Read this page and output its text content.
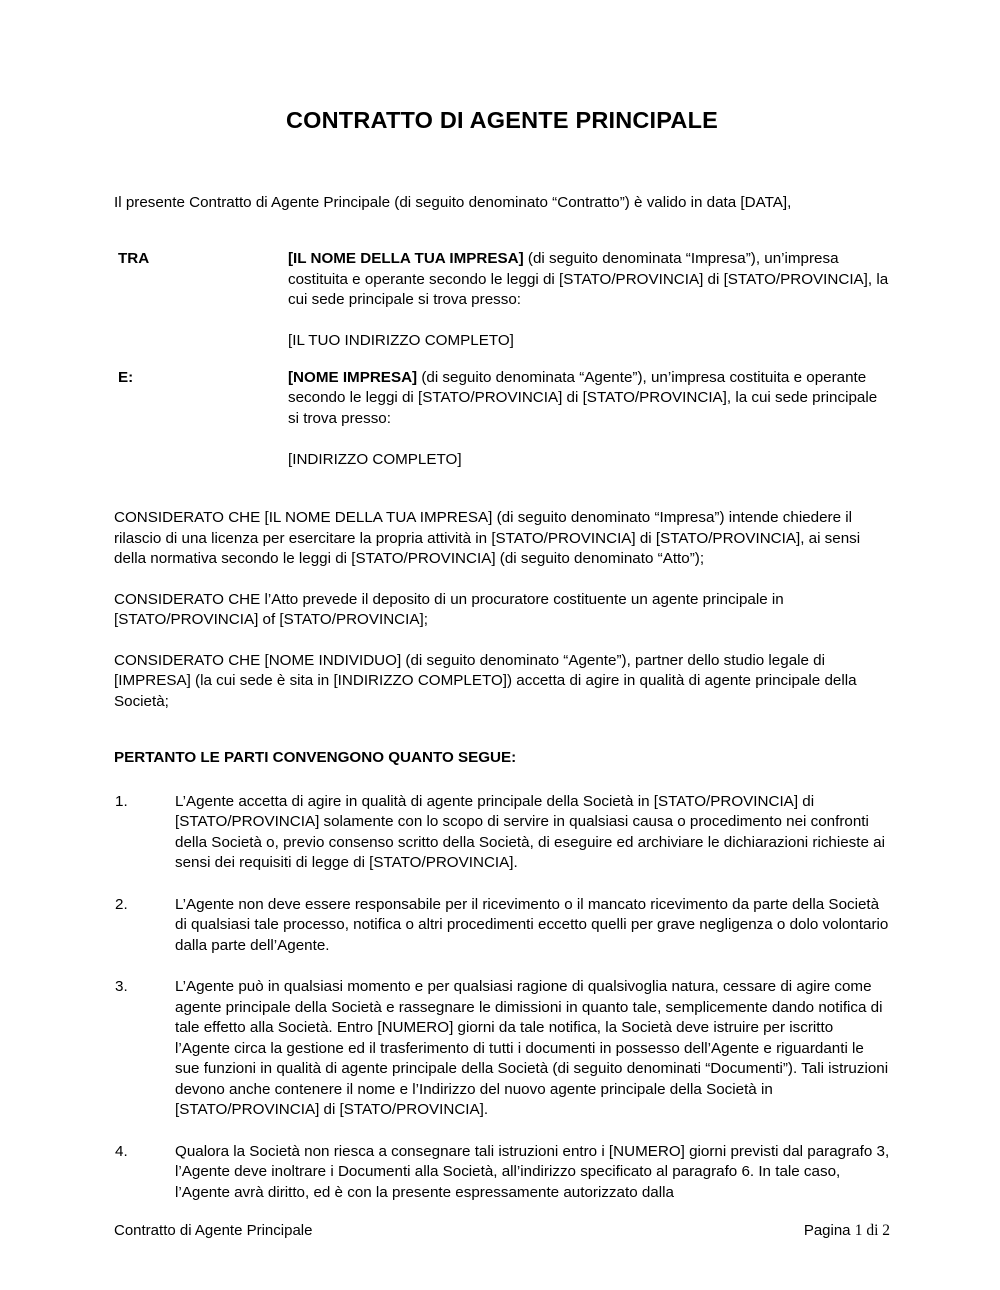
CONTRATTO DI AGENTE PRINCIPALE

Il presente Contratto di Agente Principale (di seguito denominato “Contratto”) è valido in data [DATA],

TRA	[IL NOME DELLA TUA IMPRESA] (di seguito denominata “Impresa”), un’impresa costituita e operante secondo le leggi di [STATO/PROVINCIA] di [STATO/PROVINCIA], la cui sede principale si trova presso:

[IL TUO INDIRIZZO COMPLETO]

E:	[NOME IMPRESA] (di seguito denominata “Agente”), un’impresa costituita e operante secondo le leggi di [STATO/PROVINCIA] di [STATO/PROVINCIA], la cui sede principale si trova presso:

[INDIRIZZO COMPLETO]

CONSIDERATO CHE [IL NOME DELLA TUA IMPRESA] (di seguito denominato “Impresa”) intende chiedere il rilascio di una licenza per esercitare la propria attività in [STATO/PROVINCIA] di [STATO/PROVINCIA], ai sensi della normativa secondo le leggi di [STATO/PROVINCIA] (di seguito denominato “Atto”);

CONSIDERATO CHE l’Atto prevede il deposito di un procuratore costituente un agente principale in [STATO/PROVINCIA] of [STATO/PROVINCIA];

CONSIDERATO CHE [NOME INDIVIDUO] (di seguito denominato “Agente”), partner dello studio legale di [IMPRESA] (la cui sede è sita in [INDIRIZZO COMPLETO]) accetta di agire in qualità di agente principale della Società;

PERTANTO LE PARTI CONVENGONO QUANTO SEGUE:

1.	L’Agente accetta di agire in qualità di agente principale della Società in [STATO/PROVINCIA] di [STATO/PROVINCIA] solamente con lo scopo di servire in qualsiasi causa o procedimento nei confronti della Società o, previo consenso scritto della Società, di eseguire ed archiviare le dichiarazioni richieste ai sensi dei requisiti di legge di [STATO/PROVINCIA].
2.	L’Agente non deve essere responsabile per il ricevimento o il mancato ricevimento da parte della Società di qualsiasi tale processo, notifica o altri procedimenti eccetto quelli per grave negligenza o dolo volontario dalla parte dell’Agente.
3.	L’Agente può in qualsiasi momento e per qualsiasi ragione di qualsivoglia natura, cessare di agire come agente principale della Società e rassegnare le dimissioni in quanto tale, semplicemente dando notifica di tale effetto alla Società. Entro [NUMERO] giorni da tale notifica, la Società deve istruire per iscritto l’Agente circa la gestione ed il trasferimento di tutti i documenti in possesso dell’Agente e riguardanti le sue funzioni in qualità di agente principale della Società (di seguito denominati “Documenti”). Tali istruzioni devono anche contenere il nome e l’Indirizzo del nuovo agente principale della Società in [STATO/PROVINCIA] di [STATO/PROVINCIA].
4.	Qualora la Società non riesca a consegnare tali istruzioni entro i [NUMERO] giorni previsti dal paragrafo 3, l’Agente deve inoltrare i Documenti alla Società, all’indirizzo specificato al paragrafo 6. In tale caso, l’Agente avrà diritto, ed è con la presente espressamente autorizzato dalla
Contratto di Agente Principale	Pagina 1 di 2
